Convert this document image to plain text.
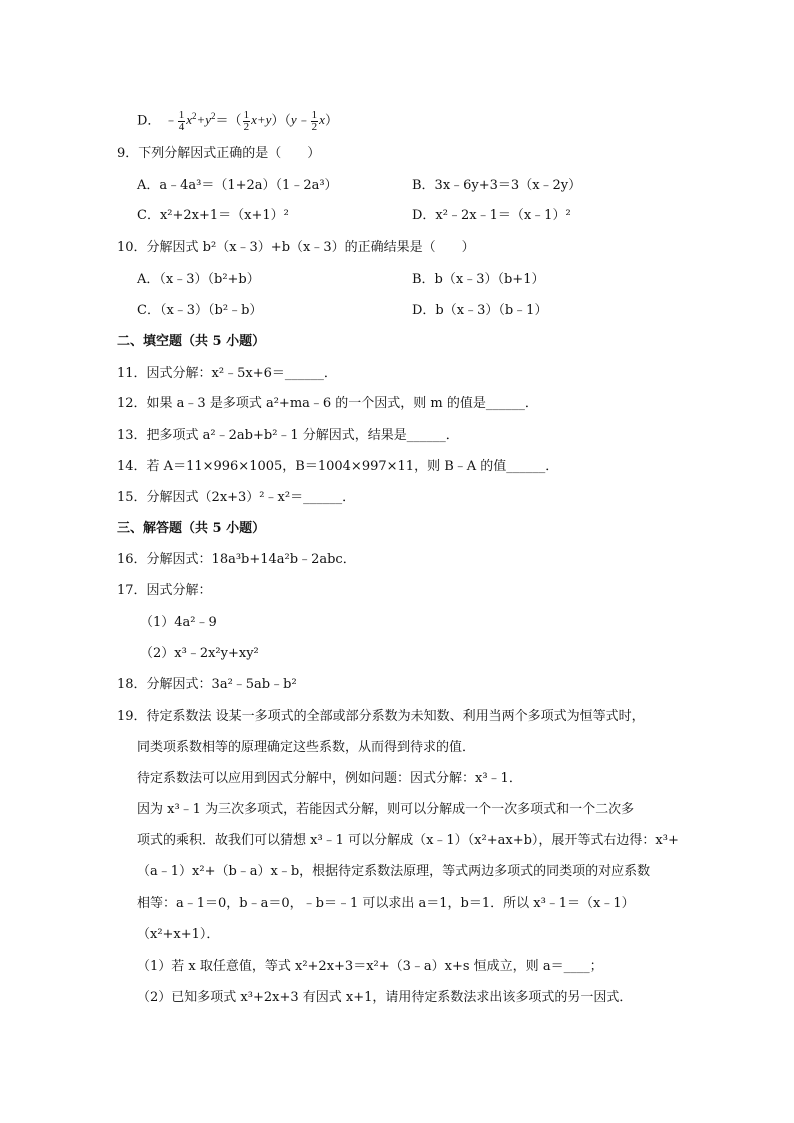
D． ﹣ $\frac{1}{4} x^2+y^2=( \frac{1}{2}$ x+y）（y﹣ $\frac{1}{2} x$）
9．下列分解因式正确的是（　　）
A．a﹣4a³＝（1+2a）（1﹣2a³）	B．3x﹣6y+3＝3（x﹣2y）
C．x²+2x+1＝（x+1）²	D．x²﹣2x﹣1＝（x﹣1）²
10．分解因式 b²（x﹣3）+b（x﹣3）的正确结果是（　　）
A．（x﹣3）（b²+b）	B．b（x﹣3）（b+1）
C．（x﹣3）（b²﹣b）	D．b（x﹣3）（b﹣1）
二、填空题（共 5 小题）
11．因式分解：x²﹣5x+6＝______．
12．如果 a﹣3 是多项式 a²+ma﹣6 的一个因式，则 m 的值是______．
13．把多项式 a²﹣2ab+b²﹣1 分解因式，结果是______．
14．若 A＝11×996×1005，B＝1004×997×11，则 B﹣A 的值______．
15．分解因式（2x+3）²﹣x²＝______．
三、解答题（共 5 小题）
16．分解因式：18a³b+14a²b﹣2abc．
17．因式分解：
（1）4a²﹣9
（2）x³﹣2x²y+xy²
18．分解因式：3a²﹣5ab﹣b²
19．待定系数法 设某一多项式的全部或部分系数为未知数、利用当两个多项式为恒等式时，
同类项系数相等的原理确定这些系数，从而得到待求的值．
待定系数法可以应用到因式分解中，例如问题：因式分解：x³﹣1．
因为 x³﹣1 为三次多项式，若能因式分解，则可以分解成一个一次多项式和一个二次多
项式的乘积．故我们可以猜想 x³﹣1 可以分解成（x﹣1）（x²+ax+b），展开等式右边得：x³+
（a﹣1）x²+（b﹣a）x﹣b，根据待定系数法原理，等式两边多项式的同类项的对应系数
相等：a﹣1＝0，b﹣a＝0，﹣b＝﹣1 可以求出 a＝1，b＝1．所以 x³﹣1＝（x﹣1）
（x²+x+1）．
（1）若 x 取任意值，等式 x²+2x+3＝x²+（3﹣a）x+s 恒成立，则 a＝____；
（2）已知多项式 x³+2x+3 有因式 x+1，请用待定系数法求出该多项式的另一因式．
